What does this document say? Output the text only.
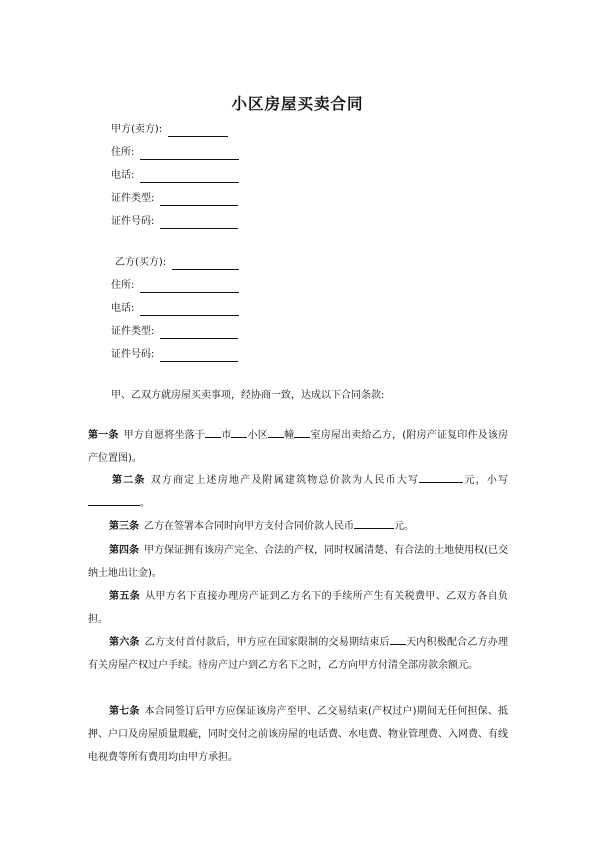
小区房屋买卖合同
甲方(卖方):
住所:
电话:
证件类型:
证件号码:
乙方(买方):
住所:
电话:
证件类型:
证件号码:
甲、乙双方就房屋买卖事项，经协商一致，达成以下合同条款:
第一条 甲方自愿将坐落于 市 小区 幢 室房屋出卖给乙方，(附房产证复印件及该房产位置图)。
第二条 双方商定上述房地产及附属建筑物总价款为人民币大写	元，小写。
第三条 乙方在签署本合同时向甲方支付合同价款人民币	元。
第四条 甲方保证拥有该房产完全、合法的产权，同时权属清楚、有合法的土地使用权(已交纳土地出让金)。
第五条 从甲方名下直接办理房产证到乙方名下的手续所产生有关税费甲、乙双方各自负担。
第六条 乙方支付首付款后，甲方应在国家限制的交易期结束后 天内积极配合乙方办理有关房屋产权过户手续。待房产过户到乙方名下之时，乙方向甲方付清全部房款余额元。
第七条 本合同签订后甲方应保证该房产至甲、乙交易结束(产权过户)期间无任何担保、抵押、户口及房屋质量瑕疵，同时交付之前该房屋的电话费、水电费、物业管理费、入网费、有线电视费等所有费用均由甲方承担。
